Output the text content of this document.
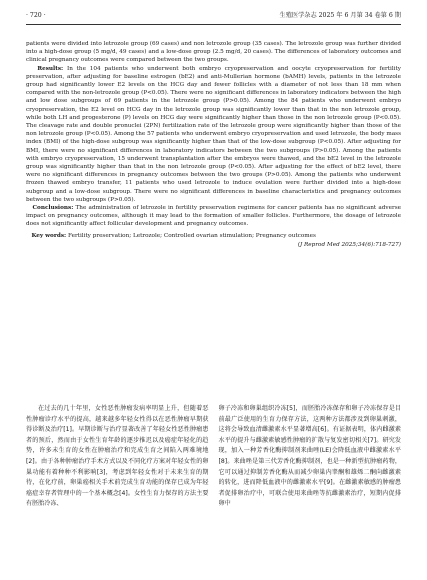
· 720 ·	生殖医学杂志 2025 年 6 月第 34 卷第 6 期

patients were divided into letrozole group (69 cases) and non letrozole group (35 cases). The letrozole group was further divided into a high-dose group (5 mg/d, 49 cases) and a low-dose group (2.5 mg/d, 20 cases). The differences of laboratory outcomes and clinical pregnancy outcomes were compared between the two groups.

Results: In the 104 patients who underwent both embryo cryopreservation and oocyte cryopreservation for fertility preservation, after adjusting for baseline estrogen (bE2) and anti-Mullerian hormone (bAMH) levels, patients in the letrozole group had significantly lower E2 levels on the HCG day and fewer follicles with a diameter of not less than 18 mm when compared with the non-letrozole group (P<0.05). There were no significant differences in laboratory indicators between the high and low dose subgroups of 69 patients in the letrozole group (P>0.05). Among the 84 patients who underwent embryo cryopreservation, the E2 level on HCG day in the letrozole group was significantly lower than that in the non letrozole group, while both LH and progesterone (P) levels on HCG day were significantly higher than those in the non letrozole group (P<0.05). The cleavage rate and double pronuclei (2PN) fertilization rate of the letrozole group were significantly higher than those of the non letrozole group (P<0.05). Among the 57 patients who underwent embryo cryopreservation and used letrozole, the body mass index (BMI) of the high-dose subgroup was significantly higher than that of the low-dose subgroup (P<0.05). After adjusting for BMI, there were no significant differences in laboratory indicators between the two subgroups (P>0.05). Among the patients with embryo cryopreservation, 15 underwent transplantation after the embryos were thawed, and the bE2 level in the letrozole group was significantly higher than that in the non letrozole group (P<0.05). After adjusting for the effect of bE2 level, there were no significant differences in pregnancy outcomes between the two groups (P>0.05). Among the patients who underwent frozen thawed embryo transfer, 11 patients who used letrozole to induce ovulation were further divided into a high-dose subgroup and a low-dose subgroup. There were no significant differences in baseline characteristics and pregnancy outcomes between the two subgroups (P>0.05).

Conclusions: The administration of letrozole in fertility preservation regimens for cancer patients has no significant adverse impact on pregnancy outcomes, although it may lead to the formation of smaller follicles. Furthermore, the dosage of letrozole does not significantly affect follicular development and pregnancy outcomes.

Key words: Fertility preservation; Letrozole; Controlled ovarian stimulation; Pregnancy outcomes

(J Reprod Med 2025;34(6):718-727)

在过去的几十年里，女性恶性肿瘤发病率明显上升，但随着恶性肿瘤诊疗水平的提高，越来越多年轻女性得以在恶性肿瘤早期获得诊断及治疗[1]。早期诊断与治疗显著改善了年轻女性恶性肿瘤患者的预后，然而由于女性生育年龄的逐步推迟以及癌症年轻化的趋势，许多未生育的女性在肿瘤治疗和完成生育之间陷入两难境地[2]。由于各种肿瘤治疗手术方式以及不同化疗方案对年轻女性的卵巢功能有着种种不利影响[3]，考虑到年轻女性对于未来生育的期待，在化疗前，卵巢癌相关手术前完成生育功能的保存已成为年轻癌症幸存者管理中的一个基本概念[4]。女性生育力保存的方法主要有胚胎冷冻、

卵子冷冻和卵巢组织冷冻[5]，而胚胎冷冻保存和卵子冷冻保存是目前最广泛使用的生育力保存方法，这两种方法都涉及到卵巢刺激，这将会导致血清雌激素水平显著增高[6]。有证据表明，体内雌激素水平的提升与雌激素敏感性肿瘤的扩散与复发密切相关[7]。研究发现，加入一种芳香化酶抑制剂来曲唑(LE)会降低血液中雌激素水平[8]。来曲唑是第三代芳香化酶抑制剂，也是一种新型抗肿瘤药物，它可以通过抑制芳香化酶从而减少卵巢内睾酮和雄烯二酮向雌激素的转化，进而降低血液中的雌激素水平[9]。在雌激素敏感的肿瘤患者促排卵治疗中，可联合使用来曲唑等抗雌激素治疗，短期内促排卵中
